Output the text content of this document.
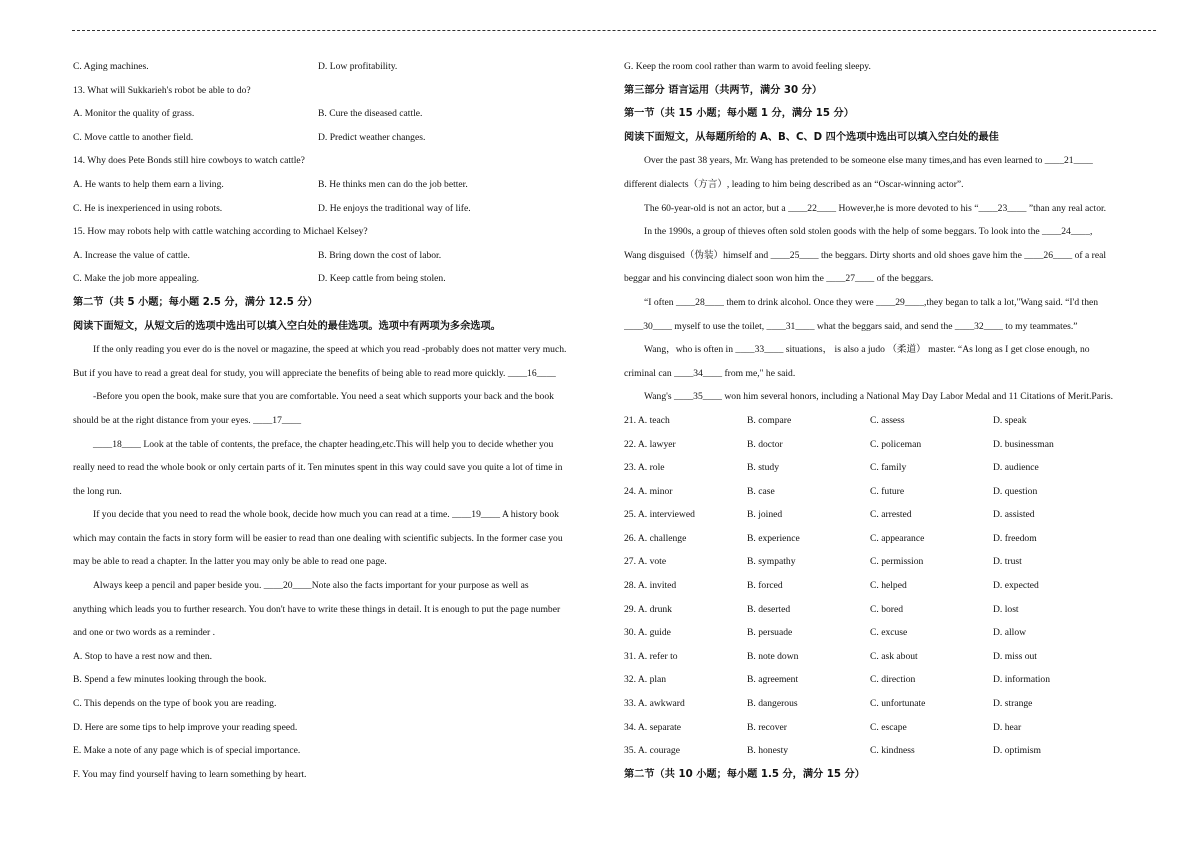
C. Aging machines.	D. Low profitability.
13. What will Sukkarieh's robot be able to do?
A. Monitor the quality of grass.	B. Cure the diseased cattle.
C. Move cattle to another field.	D. Predict weather changes.
14. Why does Pete Bonds still hire cowboys to watch cattle?
A. He wants to help them earn a living.	B. He thinks men can do the job better.
C. He is inexperienced in using robots.	D. He enjoys the traditional way of life.
15. How may robots help with cattle watching according to Michael Kelsey?
A. Increase the value of cattle.	B. Bring down the cost of labor.
C. Make the job more appealing.	D. Keep cattle from being stolen.
第二节（共 5 小题；每小题 2.5 分，满分 12.5 分）
阅读下面短文，从短文后的选项中选出可以填入空白处的最佳选项。选项中有两项为多余选项。
If the only reading you ever do is the novel or magazine, the speed at which you read -probably does not matter very much.
But if you have to read a great deal for study, you will appreciate the benefits of being able to read more quickly. ____16____
-Before you open the book, make sure that you are comfortable. You need a seat which supports your back and the book
should be at the right distance from your eyes. ____17____
____18____ Look at the table of contents, the preface, the chapter heading,etc.This will help you to decide whether you
really need to read the whole book or only certain parts of it. Ten minutes spent in this way could save you quite a lot of time in
the long run.
If you decide that you need to read the whole book, decide how much you can read at a time. ____19____ A history book
which may contain the facts in story form will be easier to read than one dealing with scientific subjects. In the former case you
may be able to read a chapter. In the latter you may only be able to read one page.
Always keep a pencil and paper beside you. ____20____Note also the facts important for your purpose as well as
anything which leads you to further research. You don't have to write these things in detail. It is enough to put the page number
and one or two words as a reminder .
A. Stop to have a rest now and then.
B. Spend a few minutes looking through the book.
C. This depends on the type of book you are reading.
D. Here are some tips to help improve your reading speed.
E. Make a note of any page which is of special importance.
F. You may find yourself having to learn something by heart.
G. Keep the room cool rather than warm to avoid feeling sleepy.
第三部分 语言运用（共两节，满分 30 分）
第一节（共 15 小题；每小题 1 分，满分 15 分）
阅读下面短文，从每题所给的 A、B、C、D 四个选项中选出可以填入空白处的最佳
Over the past 38 years, Mr. Wang has pretended to be someone else many times,and has even learned to ____21____
different dialects（方言）, leading to him being described as an “Oscar-winning actor”.
The 60-year-old is not an actor, but a ____22____ However,he is more devoted to his “____23____ ”than any real actor.
In the 1990s, a group of thieves often sold stolen goods with the help of some beggars. To look into the ____24____,
Wang disguised（伪装）himself and ____25____ the beggars. Dirty shorts and old shoes gave him the ____26____ of a real
beggar and his convincing dialect soon won him the ____27____ of the beggars.
“I often ____28____ them to drink alcohol. Once they were ____29____,they began to talk a lot,"Wang said. “I'd then
____30____ myself to use the toilet, ____31____ what the beggars said, and send the ____32____ to my teammates.”
Wang，who is often in ____33____ situations， is also a judo （柔道） master. “As long as I get close enough, no
criminal can ____34____ from me," he said.
Wang's ____35____ won him several honors, including a National May Day Labor Medal and 11 Citations of Merit.Paris.
21. A. teach	B. compare	C. assess	D. speak
22. A. lawyer	B. doctor	C. policeman	D. businessman
23. A. role	B. study	C. family	D. audience
24. A. minor	B. case	C. future	D. question
25. A. interviewed	B. joined	C. arrested	D. assisted
26. A. challenge	B. experience	C. appearance	D. freedom
27. A. vote	B. sympathy	C. permission	D. trust
28. A. invited	B. forced	C. helped	D. expected
29. A. drunk	B. deserted	C. bored	D. lost
30. A. guide	B. persuade	C. excuse	D. allow
31. A. refer to	B. note down	C. ask about	D. miss out
32. A. plan	B. agreement	C. direction	D. information
33. A. awkward	B. dangerous	C. unfortunate	D. strange
34. A. separate	B. recover	C. escape	D. hear
35. A. courage	B. honesty	C. kindness	D. optimism
第二节（共 10 小题；每小题 1.5 分，满分 15 分）
